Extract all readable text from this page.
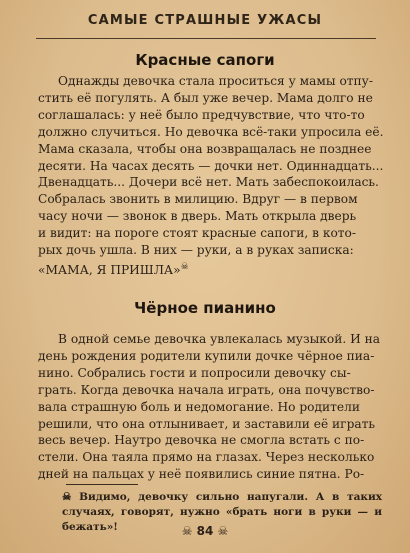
САМЫЕ СТРАШНЫЕ УЖАСЫ
Красные сапоги
Однажды девочка стала проситься у мамы отпу-
стить её погулять. А был уже вечер. Мама долго не
соглашалась: у неё было предчувствие, что что-то
должно случиться. Но девочка всё-таки упросила её.
Мама сказала, чтобы она возвращалась не позднее
десяти. На часах десять — дочки нет. Одиннадцать...
Двенадцать... Дочери всё нет. Мать забеспокоилась.
Собралась звонить в милицию. Вдруг — в первом
часу ночи — звонок в дверь. Мать открыла дверь
и видит: на пороге стоят красные сапоги, в кото-
рых дочь ушла. В них — руки, а в руках записка:
«МАМА, Я ПРИШЛА»☠
Чёрное пианино
В одной семье девочка увлекалась музыкой. И на
день рождения родители купили дочке чёрное пиа-
нино. Собрались гости и попросили девочку сы-
грать. Когда девочка начала играть, она почувство-
вала страшную боль и недомогание. Но родители
решили, что она отлынивает, и заставили её играть
весь вечер. Наутро девочка не смогла встать с по-
стели. Она таяла прямо на глазах. Через несколько
дней на пальцах у неё появились синие пятна. Ро-
☠ Видимо, девочку сильно напугали. А в таких случаях, говорят, нужно «брать ноги в руки — и бежать»!	☠ 84 ☠
